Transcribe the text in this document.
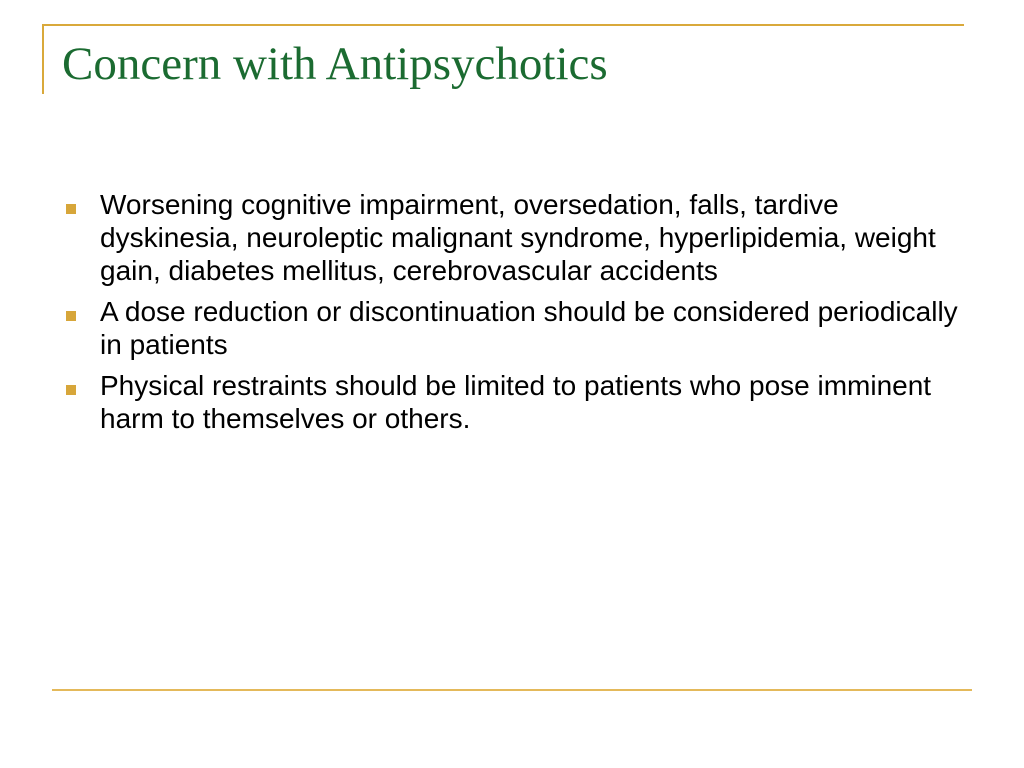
Concern with Antipsychotics
Worsening cognitive impairment, oversedation, falls, tardive dyskinesia, neuroleptic malignant syndrome, hyperlipidemia, weight gain, diabetes mellitus, cerebrovascular accidents
A dose reduction or discontinuation should be considered periodically in patients
Physical restraints should be limited to patients who pose imminent harm to themselves or others.
